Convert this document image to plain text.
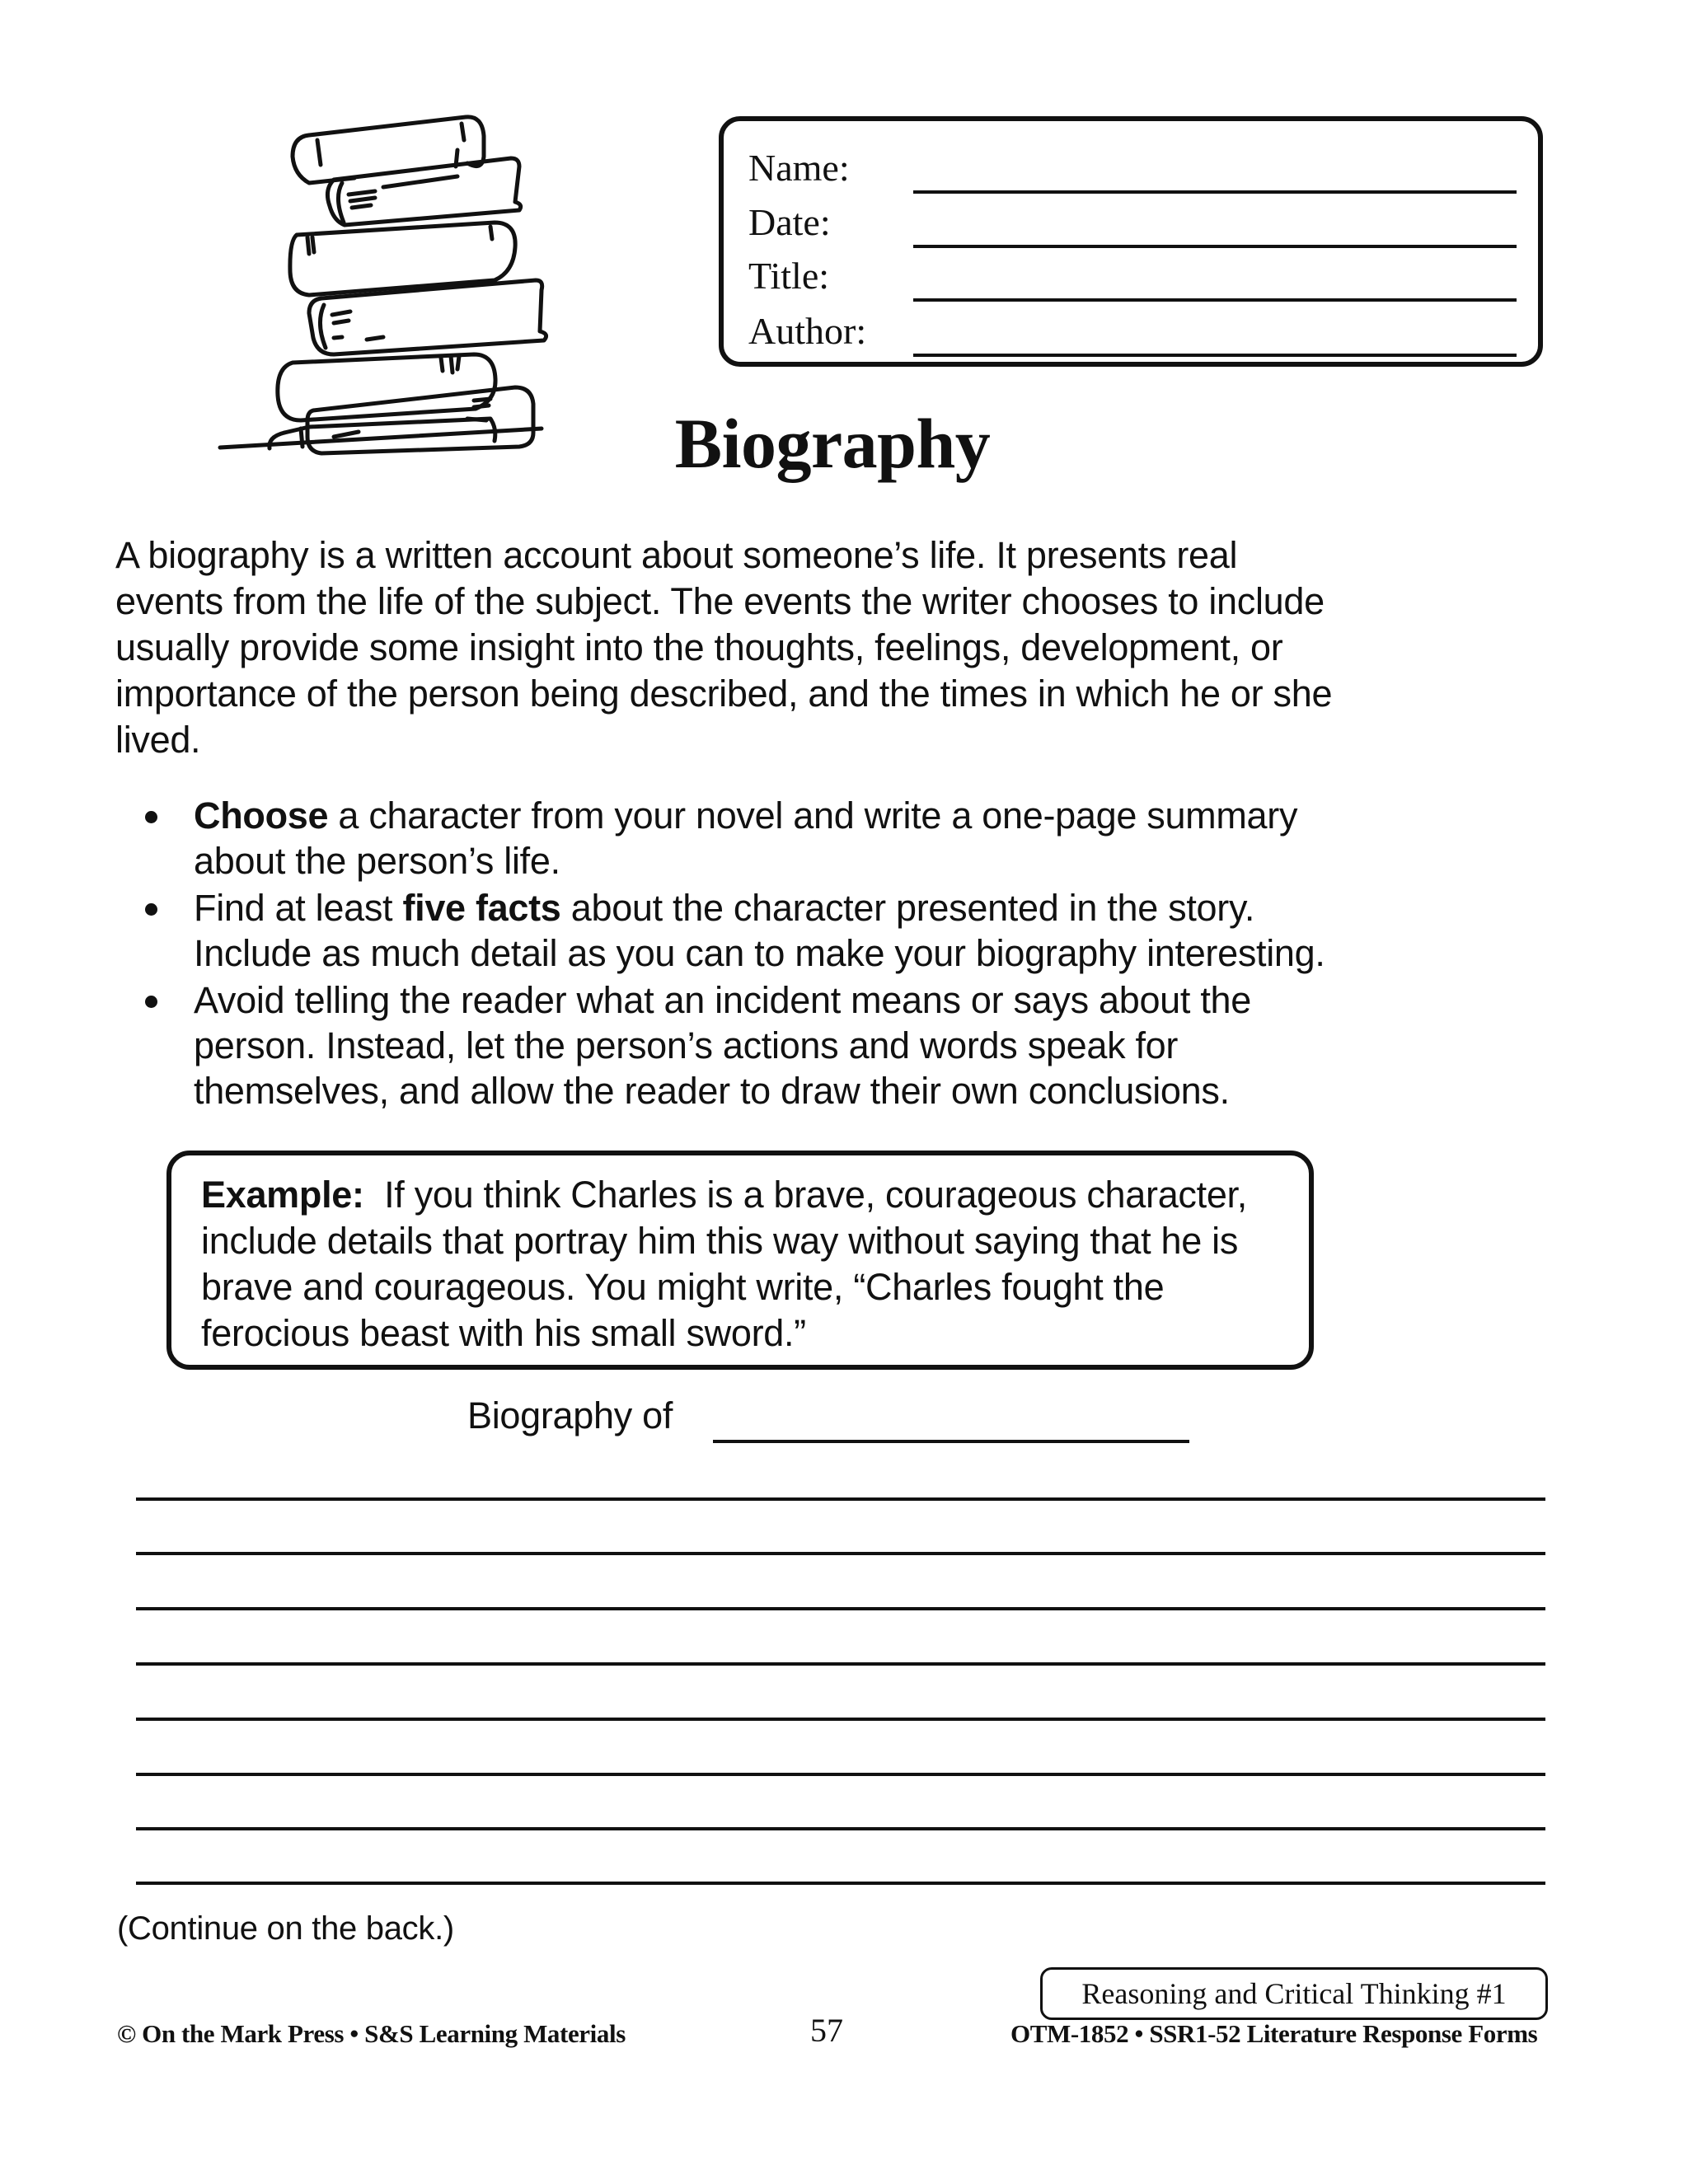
Name:
Date:
Title:
Author:
Biography
A biography is a written account about someone’s life. It presents real
events from the life of the subject. The events the writer chooses to include
usually provide some insight into the thoughts, feelings, development, or
importance of the person being described, and the times in which he or she
lived.
Choose a character from your novel and write a one-page summary
about the person’s life.
Find at least five facts about the character presented in the story.
Include as much detail as you can to make your biography interesting.
Avoid telling the reader what an incident means or says about the
person. Instead, let the person’s actions and words speak for
themselves, and allow the reader to draw their own conclusions.
Example:  If you think Charles is a brave, courageous character,
include details that portray him this way without saying that he is
brave and courageous. You might write, “Charles fought the
ferocious beast with his small sword.”
Biography of
(Continue on the back.)
Reasoning and Critical Thinking #1
© On the Mark Press • S&S Learning Materials	57	OTM-1852 • SSR1-52 Literature Response Forms
